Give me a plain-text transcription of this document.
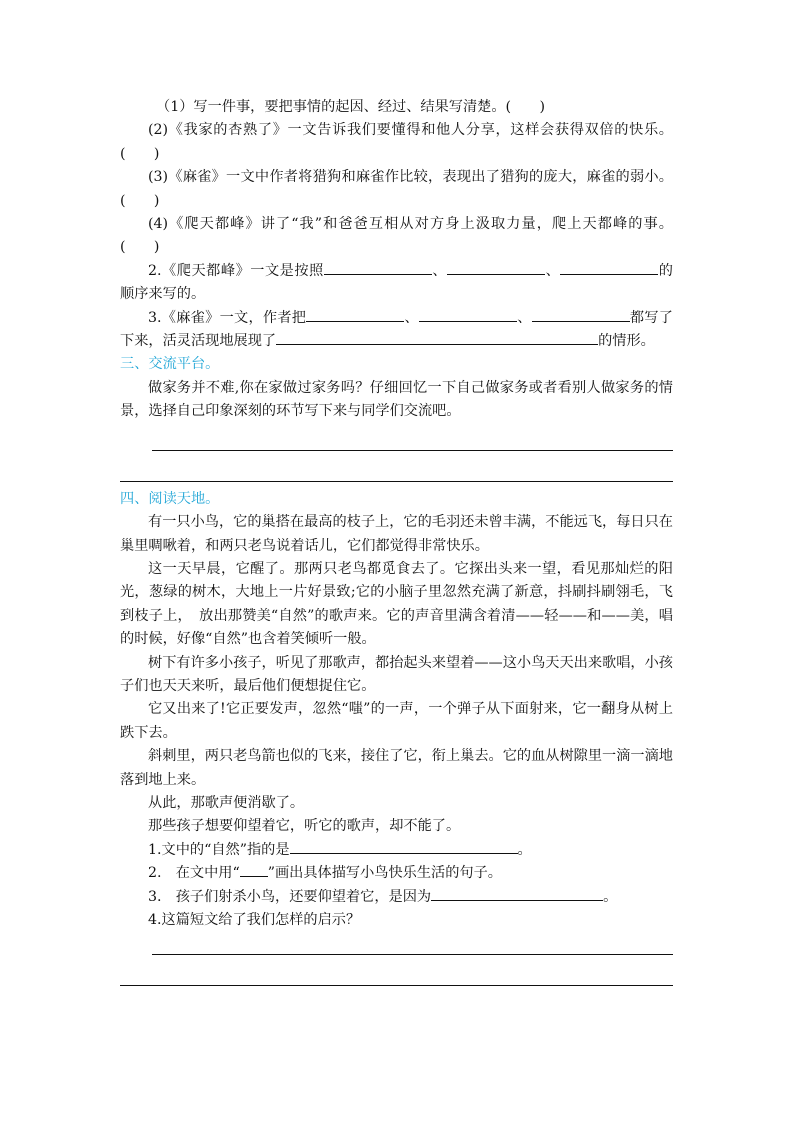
（1）写一件事，要把事情的起因、经过、结果写清楚。(　　)

(2)《我家的杏熟了》一文告诉我们要懂得和他人分享，这样会获得双倍的快乐。(　　)

(3)《麻雀》一文中作者将猎狗和麻雀作比较，表现出了猎狗的庞大，麻雀的弱小。(　　)

(4)《爬天都峰》讲了“我”和爸爸互相从对方身上汲取力量，爬上天都峰的事。(　　)

2.《爬天都峰》一文是按照	、	、	的顺序来写的。

3.《麻雀》一文，作者把	、	、	都写了下来，活灵活现地展现了	的情形。

三、交流平台。

做家务并不难,你在家做过家务吗？仔细回忆一下自己做家务或者看别人做家务的情景，选择自己印象深刻的环节写下来与同学们交流吧。

四、阅读天地。

有一只小鸟，它的巢搭在最高的枝子上，它的毛羽还未曾丰满，不能远飞，每日只在巢里啁啾着，和两只老鸟说着话儿，它们都觉得非常快乐。

这一天早晨，它醒了。那两只老鸟都觅食去了。它探出头来一望，看见那灿烂的阳光，葱绿的树木，大地上一片好景致;它的小脑子里忽然充满了新意，抖刷抖刷翎毛，飞到枝子上，　放出那赞美“自然”的歌声来。它的声音里满含着清——轻——和——美，唱的时候，好像“自然”也含着笑倾听一般。

树下有许多小孩子，听见了那歌声，都抬起头来望着——这小鸟天天出来歌唱，小孩子们也天天来听，最后他们便想捉住它。

它又出来了!它正要发声，忽然“嗤”的一声，一个弹子从下面射来，它一翻身从树上跌下去。

斜刺里，两只老鸟箭也似的飞来，接住了它，衔上巢去。它的血从树隙里一滴一滴地落到地上来。

从此，那歌声便消歇了。

那些孩子想要仰望着它，听它的歌声，却不能了。

1.文中的“自然”指的是	。

2.　在文中用“ ”画出具体描写小鸟快乐生活的句子。

3.　孩子们射杀小鸟，还要仰望着它，是因为	。

4.这篇短文给了我们怎样的启示？
